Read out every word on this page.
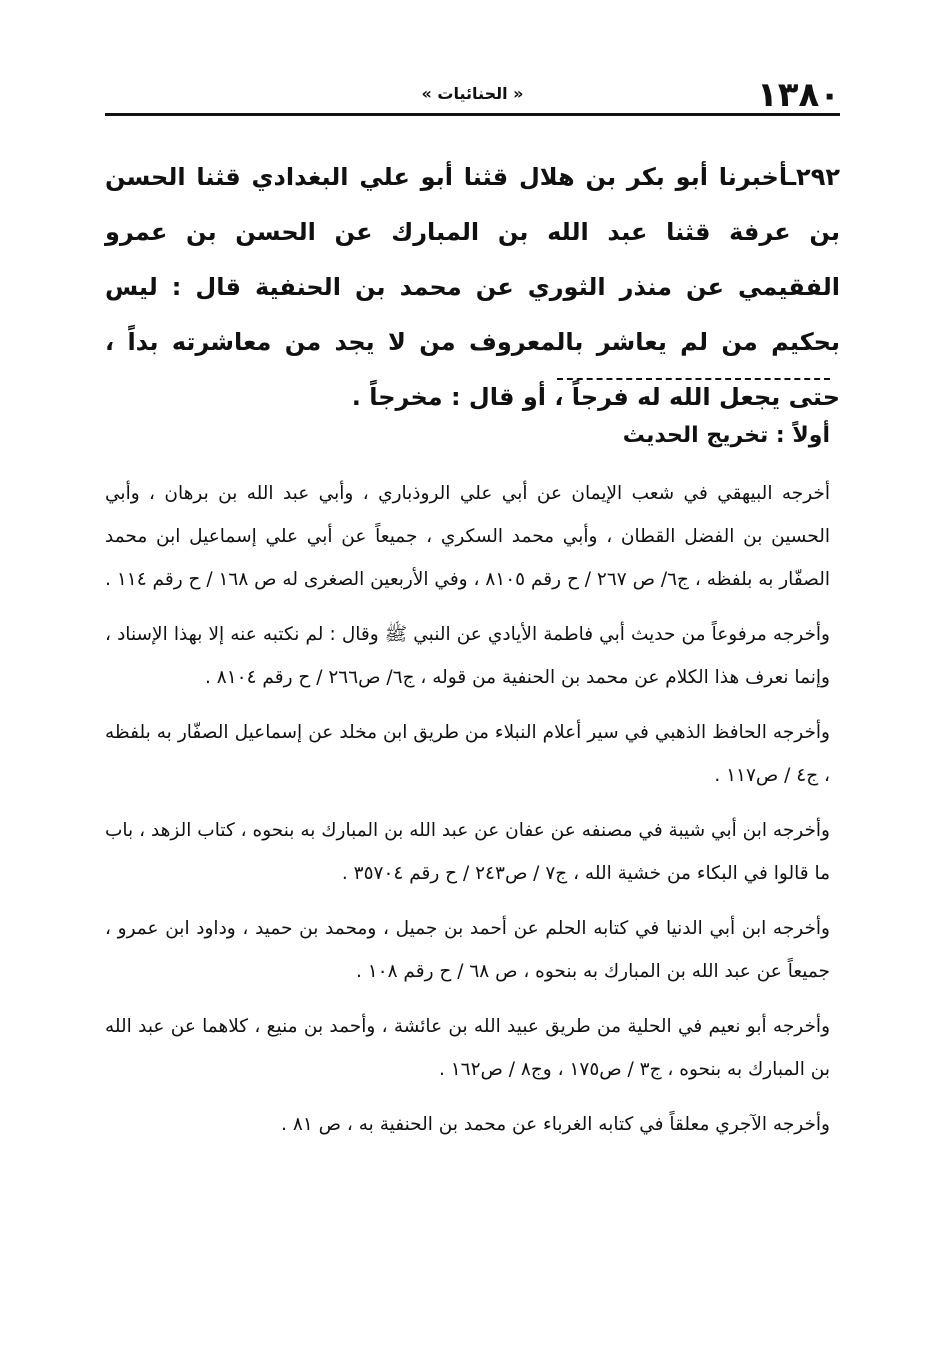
١٣٨٠
« الحنائيات »

٢٩٢ـأخبرنا أبو بكر بن هلال قثنا أبو علي البغدادي قثنا الحسن بن عرفة قثنا عبد الله بن المبارك عن الحسن بن عمرو الفقيمي عن منذر الثوري عن محمد بن الحنفية قال : ليس بحكيم من لم يعاشر بالمعروف من لا يجد من معاشرته بداً ، حتى يجعل الله له فرجاً ، أو قال : مخرجاً .

أولاً : تخريج الحديث

أخرجه البيهقي في شعب الإيمان عن أبي علي الروذباري ، وأبي عبد الله بن برهان ، وأبي الحسين بن الفضل القطان ، وأبي محمد السكري ، جميعاً عن أبي علي إسماعيل ابن محمد الصفّار به بلفظه ، ج٦/ ص ٢٦٧ / ح رقم ٨١٠٥ ، وفي الأربعين الصغرى له ص ١٦٨ / ح رقم ١١٤ .

وأخرجه مرفوعاً من حديث أبي فاطمة الأيادي عن النبي ﷺ وقال : لم نكتبه عنه إلا بهذا الإسناد ، وإنما نعرف هذا الكلام عن محمد بن الحنفية من قوله ، ج٦/ ص٢٦٦ / ح رقم ٨١٠٤ .

وأخرجه الحافظ الذهبي في سير أعلام النبلاء من طريق ابن مخلد عن إسماعيل الصفّار به بلفظه ، ج٤ / ص١١٧ .

وأخرجه ابن أبي شيبة في مصنفه عن عفان عن عبد الله بن المبارك به بنحوه ، كتاب الزهد ، باب ما قالوا في البكاء من خشية الله ، ج٧ / ص٢٤٣ / ح رقم ٣٥٧٠٤ .

وأخرجه ابن أبي الدنيا في كتابه الحلم عن أحمد بن جميل ، ومحمد بن حميد ، وداود ابن عمرو ، جميعاً عن عبد الله بن المبارك به بنحوه ، ص ٦٨ / ح رقم ١٠٨ .

وأخرجه أبو نعيم في الحلية من طريق عبيد الله بن عائشة ، وأحمد بن منيع ، كلاهما عن عبد الله بن المبارك به بنحوه ، ج٣ / ص١٧٥ ، وج٨ / ص١٦٢ .

وأخرجه الآجري معلقاً في كتابه الغرباء عن محمد بن الحنفية به ، ص ٨١ .
